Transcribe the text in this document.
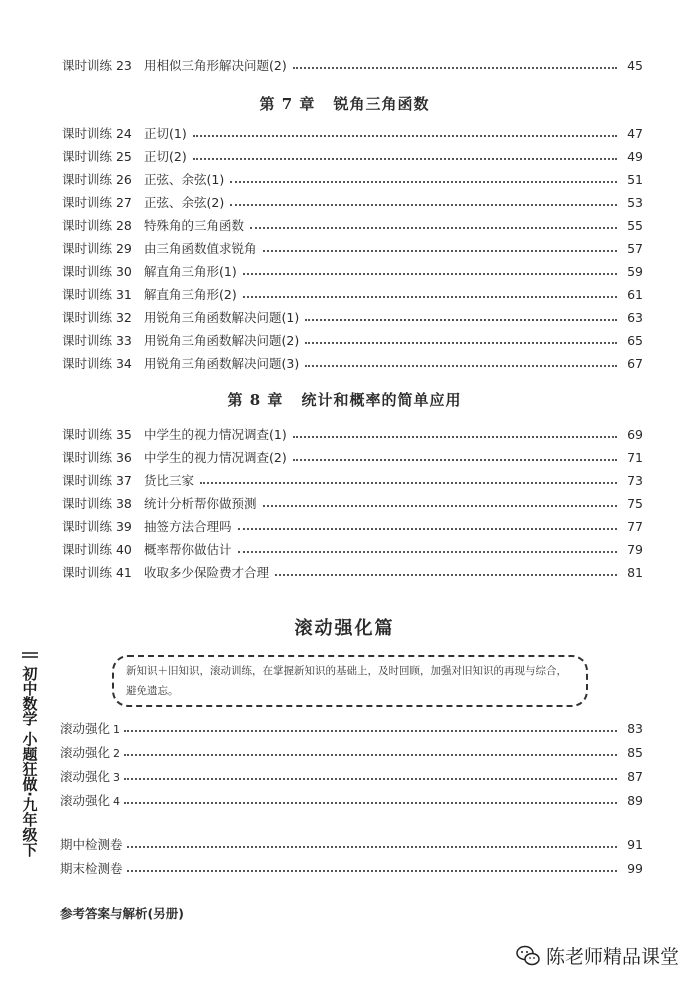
课时训练 23 用相似三角形解决问题(2)	45
第 7 章 锐角三角函数
课时训练 24 正切(1)	47
课时训练 25 正切(2)	49
课时训练 26 正弦、余弦(1)	51
课时训练 27 正弦、余弦(2)	53
课时训练 28 特殊角的三角函数	55
课时训练 29 由三角函数值求锐角	57
课时训练 30 解直角三角形(1)	59
课时训练 31 解直角三角形(2)	61
课时训练 32 用锐角三角函数解决问题(1)	63
课时训练 33 用锐角三角函数解决问题(2)	65
课时训练 34 用锐角三角函数解决问题(3)	67
第 8 章 统计和概率的简单应用
课时训练 35 中学生的视力情况调查(1)	69
课时训练 36 中学生的视力情况调查(2)	71
课时训练 37 货比三家	73
课时训练 38 统计分析帮你做预测	75
课时训练 39 抽签方法合理吗	77
课时训练 40 概率帮你做估计	79
课时训练 41 收取多少保险费才合理	81
滚动强化篇
新知识＋旧知识，滚动训练，在掌握新知识的基础上，及时回顾，加强对旧知识的再现与综合，避免遗忘。
滚动强化 1	83
滚动强化 2	85
滚动强化 3	87
滚动强化 4	89
期中检测卷	91
期末检测卷	99
参考答案与解析(另册)
初中数学 小题狂做·九年级下
陈老师精品课堂
